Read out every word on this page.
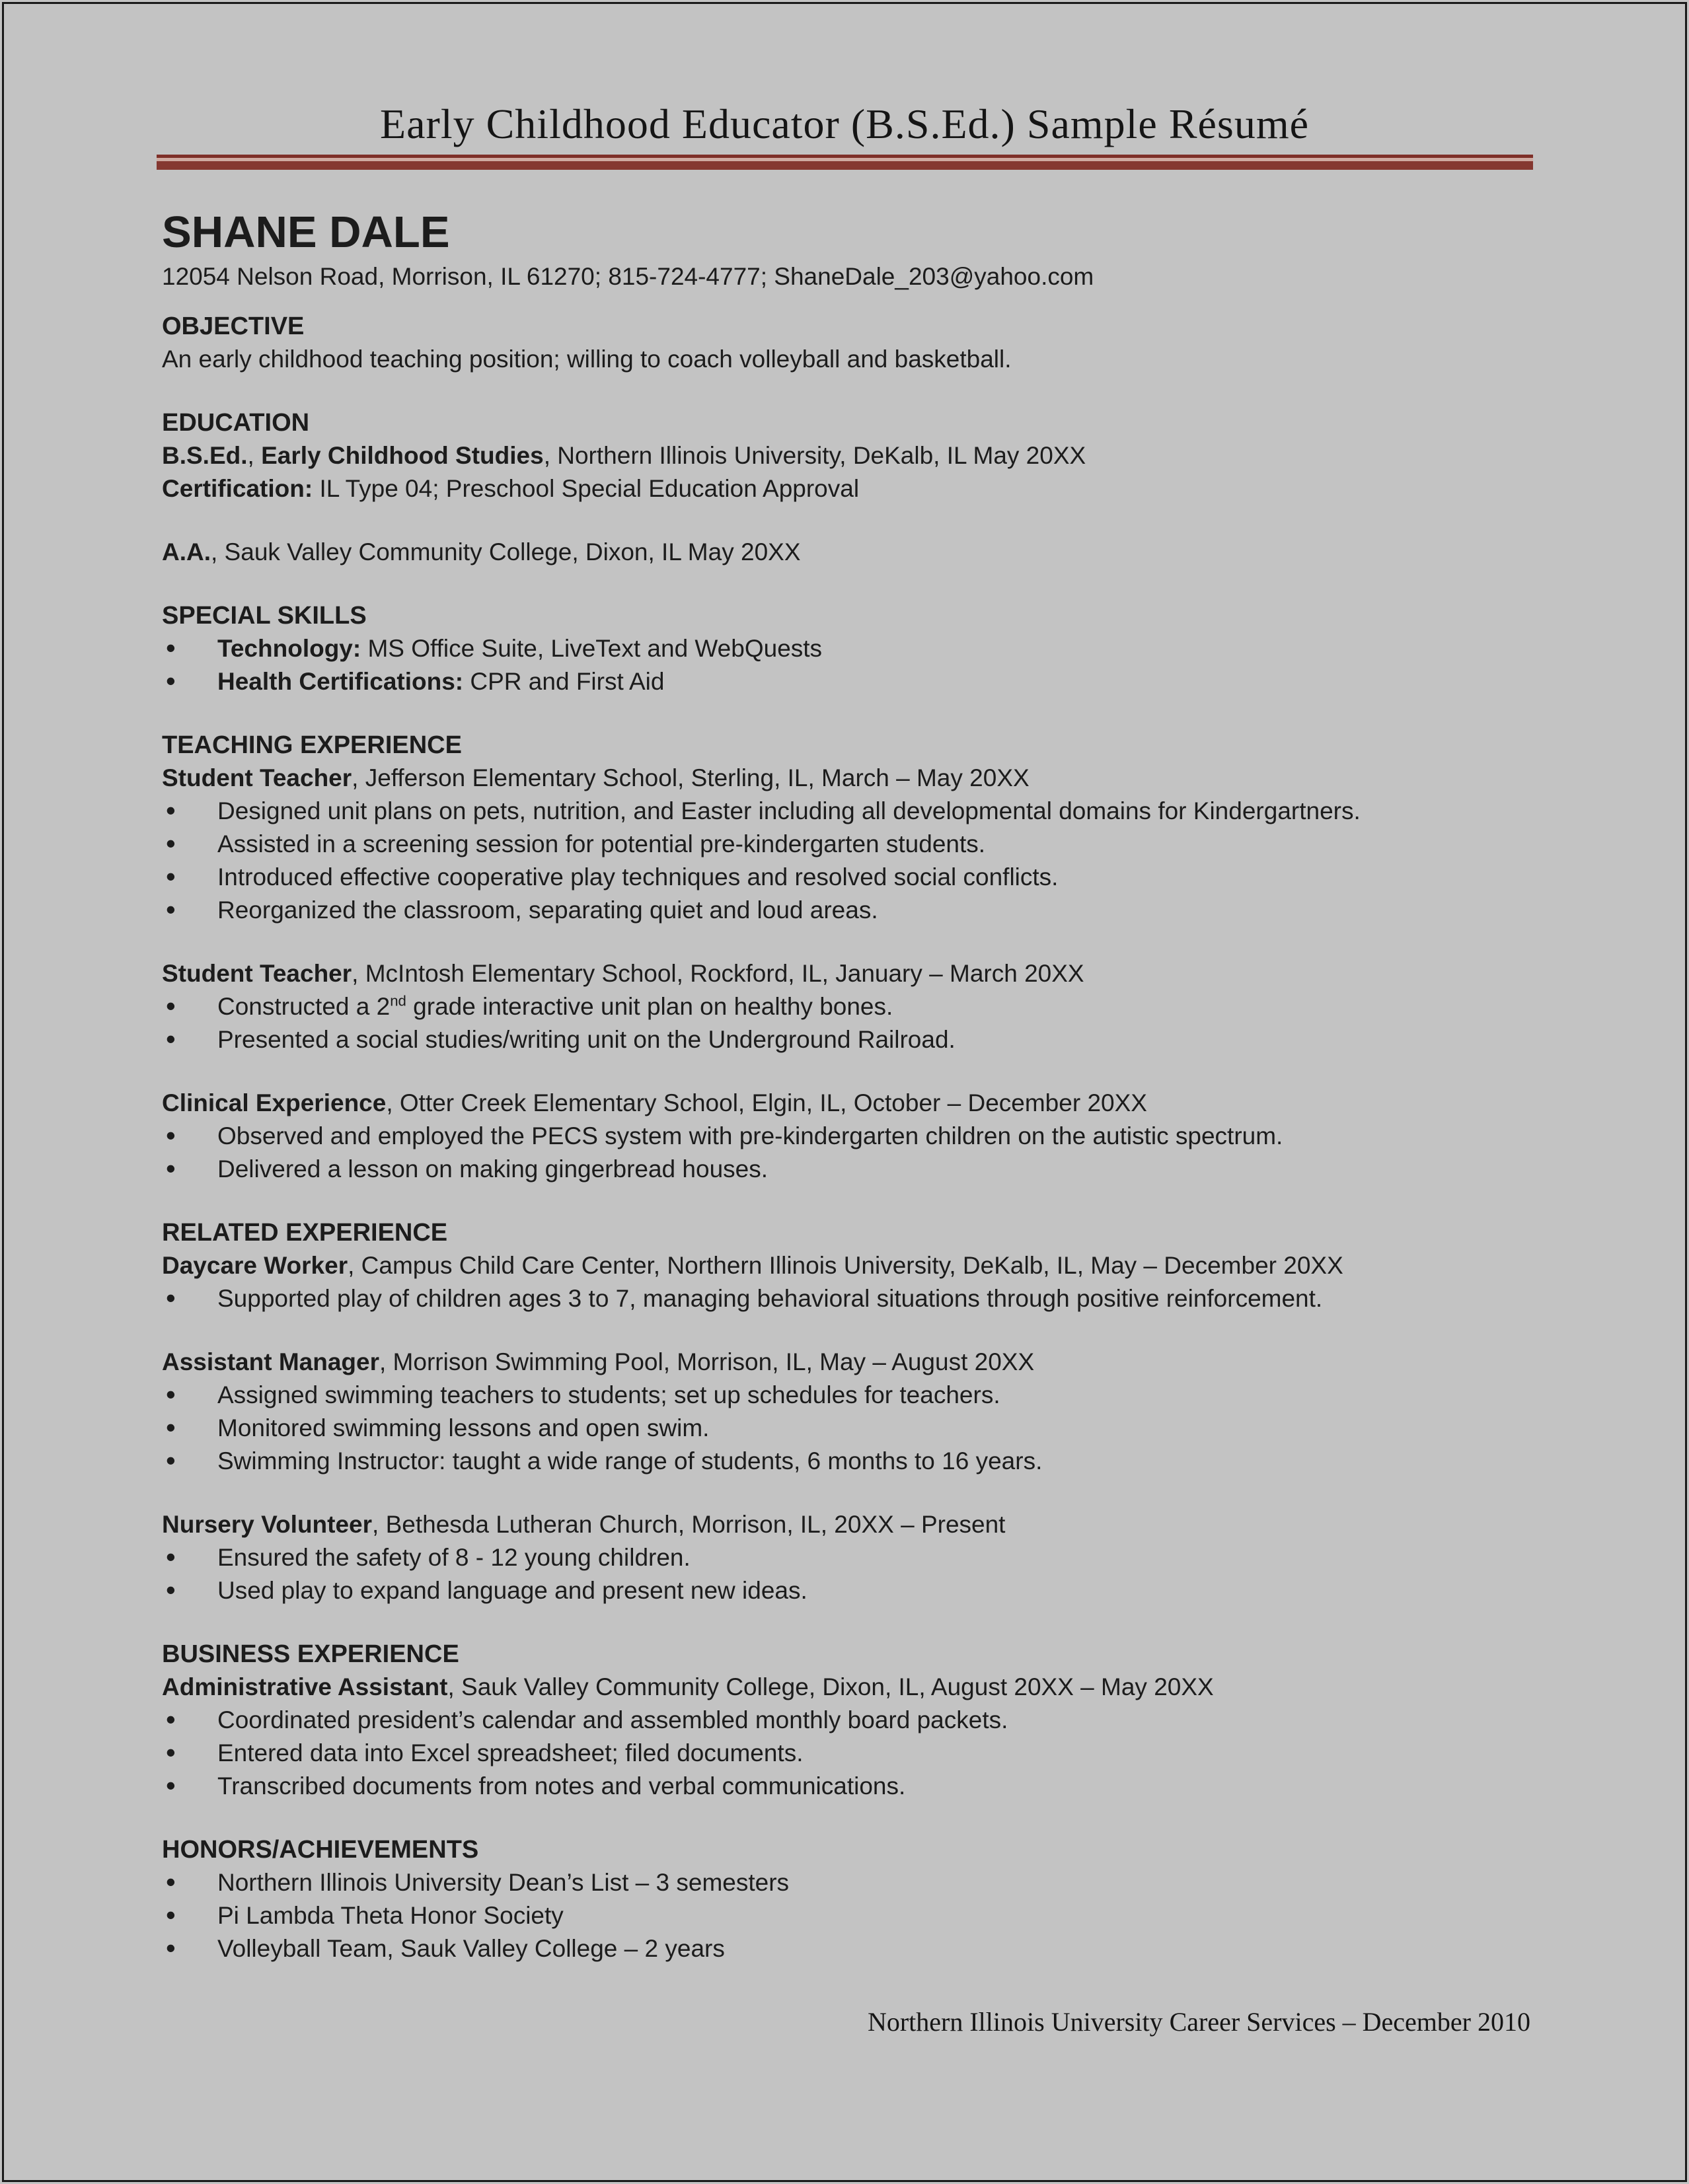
Early Childhood Educator (B.S.Ed.) Sample Résumé
SHANE DALE
12054 Nelson Road, Morrison, IL 61270; 815-724-4777; ShaneDale_203@yahoo.com
OBJECTIVE

An early childhood teaching position; willing to coach volleyball and basketball.

EDUCATION

B.S.Ed., Early Childhood Studies, Northern Illinois University, DeKalb, IL May 20XX

Certification: IL Type 04; Preschool Special Education Approval

A.A., Sauk Valley Community College, Dixon, IL May 20XX

SPECIAL SKILLS

• Technology: MS Office Suite, LiveText and WebQuests

• Health Certifications: CPR and First Aid

TEACHING EXPERIENCE

Student Teacher, Jefferson Elementary School, Sterling, IL, March – May 20XX

• Designed unit plans on pets, nutrition, and Easter including all developmental domains for Kindergartners.

• Assisted in a screening session for potential pre-kindergarten students.

• Introduced effective cooperative play techniques and resolved social conflicts.

• Reorganized the classroom, separating quiet and loud areas.

Student Teacher, McIntosh Elementary School, Rockford, IL, January – March 20XX

• Constructed a 2nd grade interactive unit plan on healthy bones.

• Presented a social studies/writing unit on the Underground Railroad.

Clinical Experience, Otter Creek Elementary School, Elgin, IL, October – December 20XX

• Observed and employed the PECS system with pre-kindergarten children on the autistic spectrum.

• Delivered a lesson on making gingerbread houses.

RELATED EXPERIENCE

Daycare Worker, Campus Child Care Center, Northern Illinois University, DeKalb, IL, May – December 20XX

• Supported play of children ages 3 to 7, managing behavioral situations through positive reinforcement.

Assistant Manager, Morrison Swimming Pool, Morrison, IL, May – August 20XX

• Assigned swimming teachers to students; set up schedules for teachers.

• Monitored swimming lessons and open swim.

• Swimming Instructor: taught a wide range of students, 6 months to 16 years.

Nursery Volunteer, Bethesda Lutheran Church, Morrison, IL, 20XX – Present

• Ensured the safety of 8 - 12 young children.

• Used play to expand language and present new ideas.

BUSINESS EXPERIENCE

Administrative Assistant, Sauk Valley Community College, Dixon, IL, August 20XX – May 20XX

• Coordinated president’s calendar and assembled monthly board packets.

• Entered data into Excel spreadsheet; filed documents.

• Transcribed documents from notes and verbal communications.

HONORS/ACHIEVEMENTS

• Northern Illinois University Dean’s List – 3 semesters

• Pi Lambda Theta Honor Society

• Volleyball Team, Sauk Valley College – 2 years

Northern Illinois University Career Services – December 2010
